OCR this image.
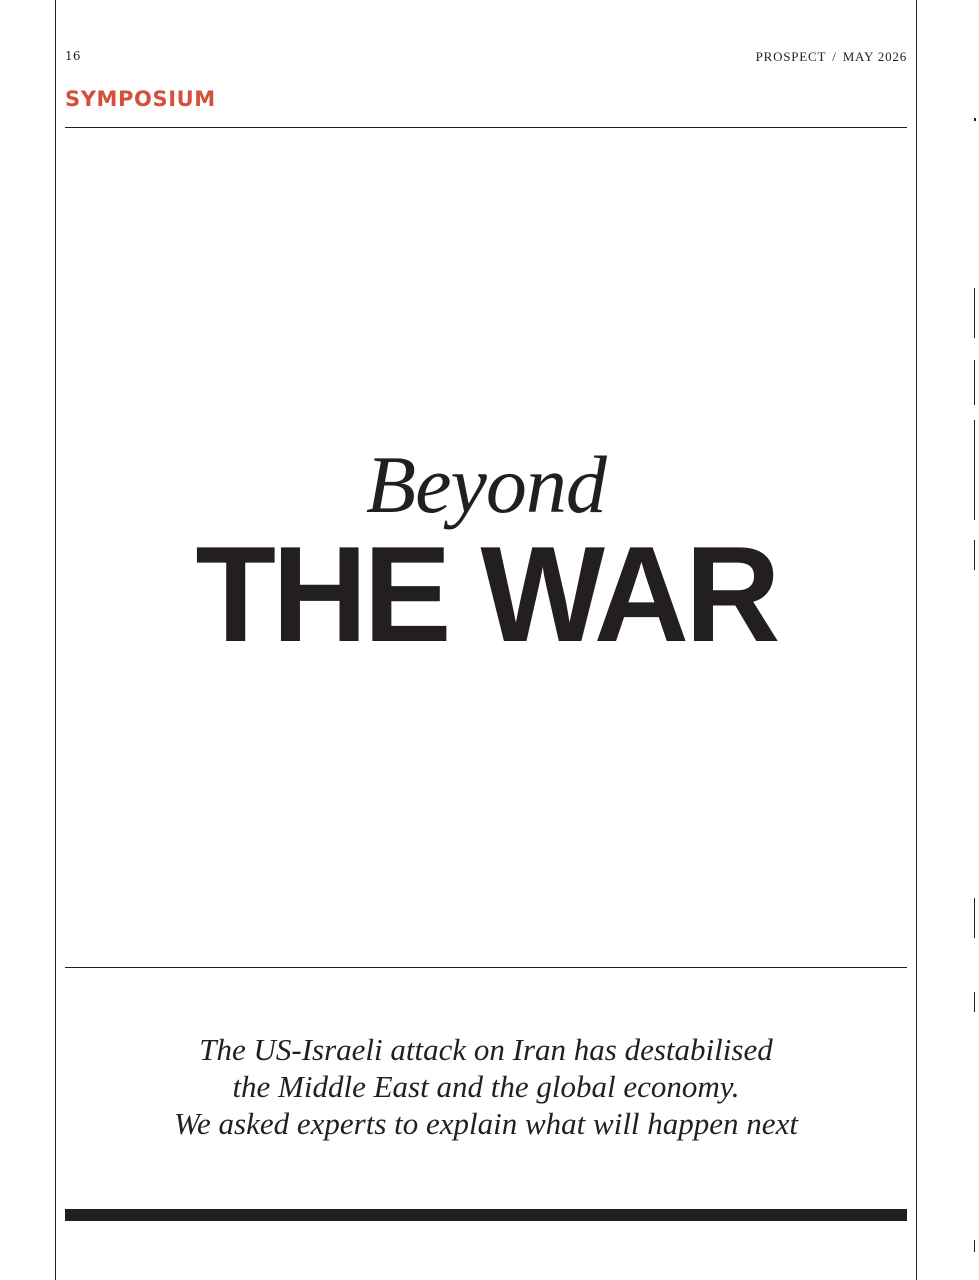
16	PROSPECT / MAY 2026
SYMPOSIUM
Beyond
THE WAR
The US-Israeli attack on Iran has destabilised
the Middle East and the global economy.
We asked experts to explain what will happen next
